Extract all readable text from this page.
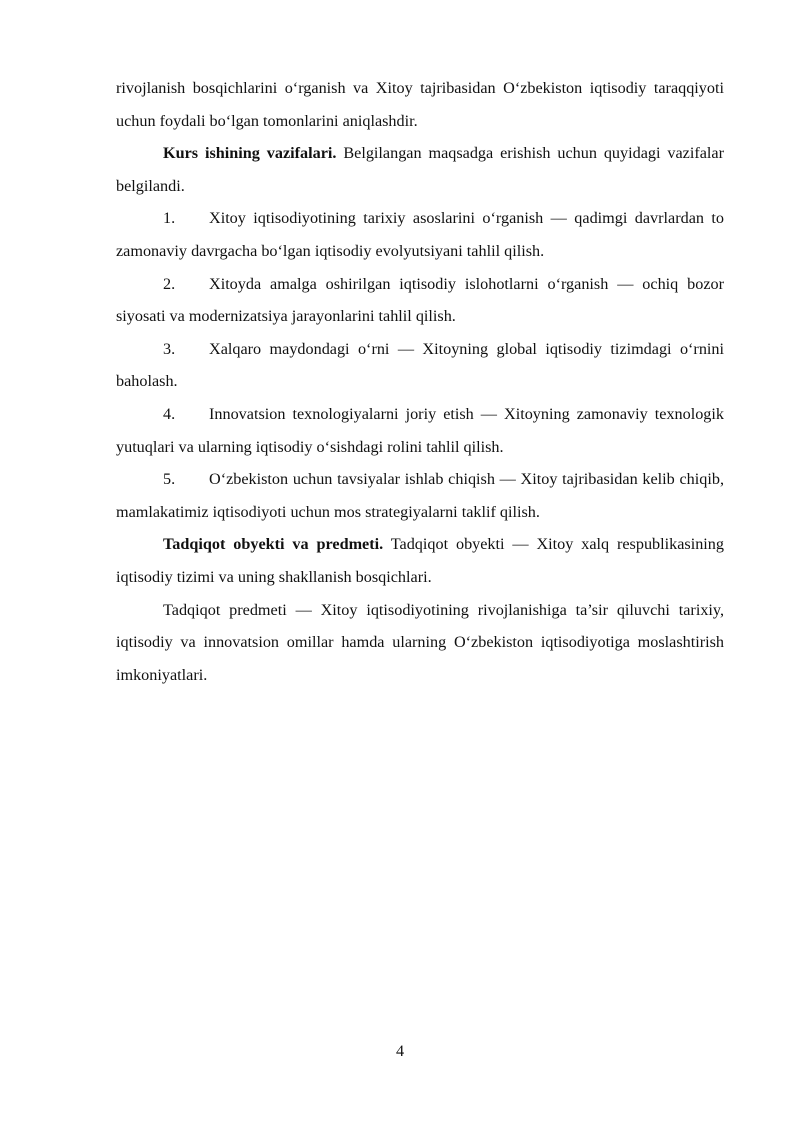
rivojlanish bosqichlarini o‘rganish va Xitoy tajribasidan O‘zbekiston iqtisodiy taraqqiyoti uchun foydali bo‘lgan tomonlarini aniqlashdir.

Kurs ishining vazifalari. Belgilangan maqsadga erishish uchun quyidagi vazifalar belgilandi.

1. Xitoy iqtisodiyotining tarixiy asoslarini o‘rganish — qadimgi davrlardan to zamonaviy davrgacha bo‘lgan iqtisodiy evolyutsiyani tahlil qilish.

2. Xitoyda amalga oshirilgan iqtisodiy islohotlarni o‘rganish — ochiq bozor siyosati va modernizatsiya jarayonlarini tahlil qilish.

3. Xalqaro maydondagi o‘rni — Xitoyning global iqtisodiy tizimdagi o‘rnini baholash.

4. Innovatsion texnologiyalarni joriy etish — Xitoyning zamonaviy texnologik yutuqlari va ularning iqtisodiy o‘sishdagi rolini tahlil qilish.

5. O‘zbekiston uchun tavsiyalar ishlab chiqish — Xitoy tajribasidan kelib chiqib, mamlakatimiz iqtisodiyoti uchun mos strategiyalarni taklif qilish.

Tadqiqot obyekti va predmeti. Tadqiqot obyekti — Xitoy xalq respublikasining iqtisodiy tizimi va uning shakllanish bosqichlari.

Tadqiqot predmeti — Xitoy iqtisodiyotining rivojlanishiga ta’sir qiluvchi tarixiy, iqtisodiy va innovatsion omillar hamda ularning O‘zbekiston iqtisodiyotiga moslashtirish imkoniyatlari.

4
